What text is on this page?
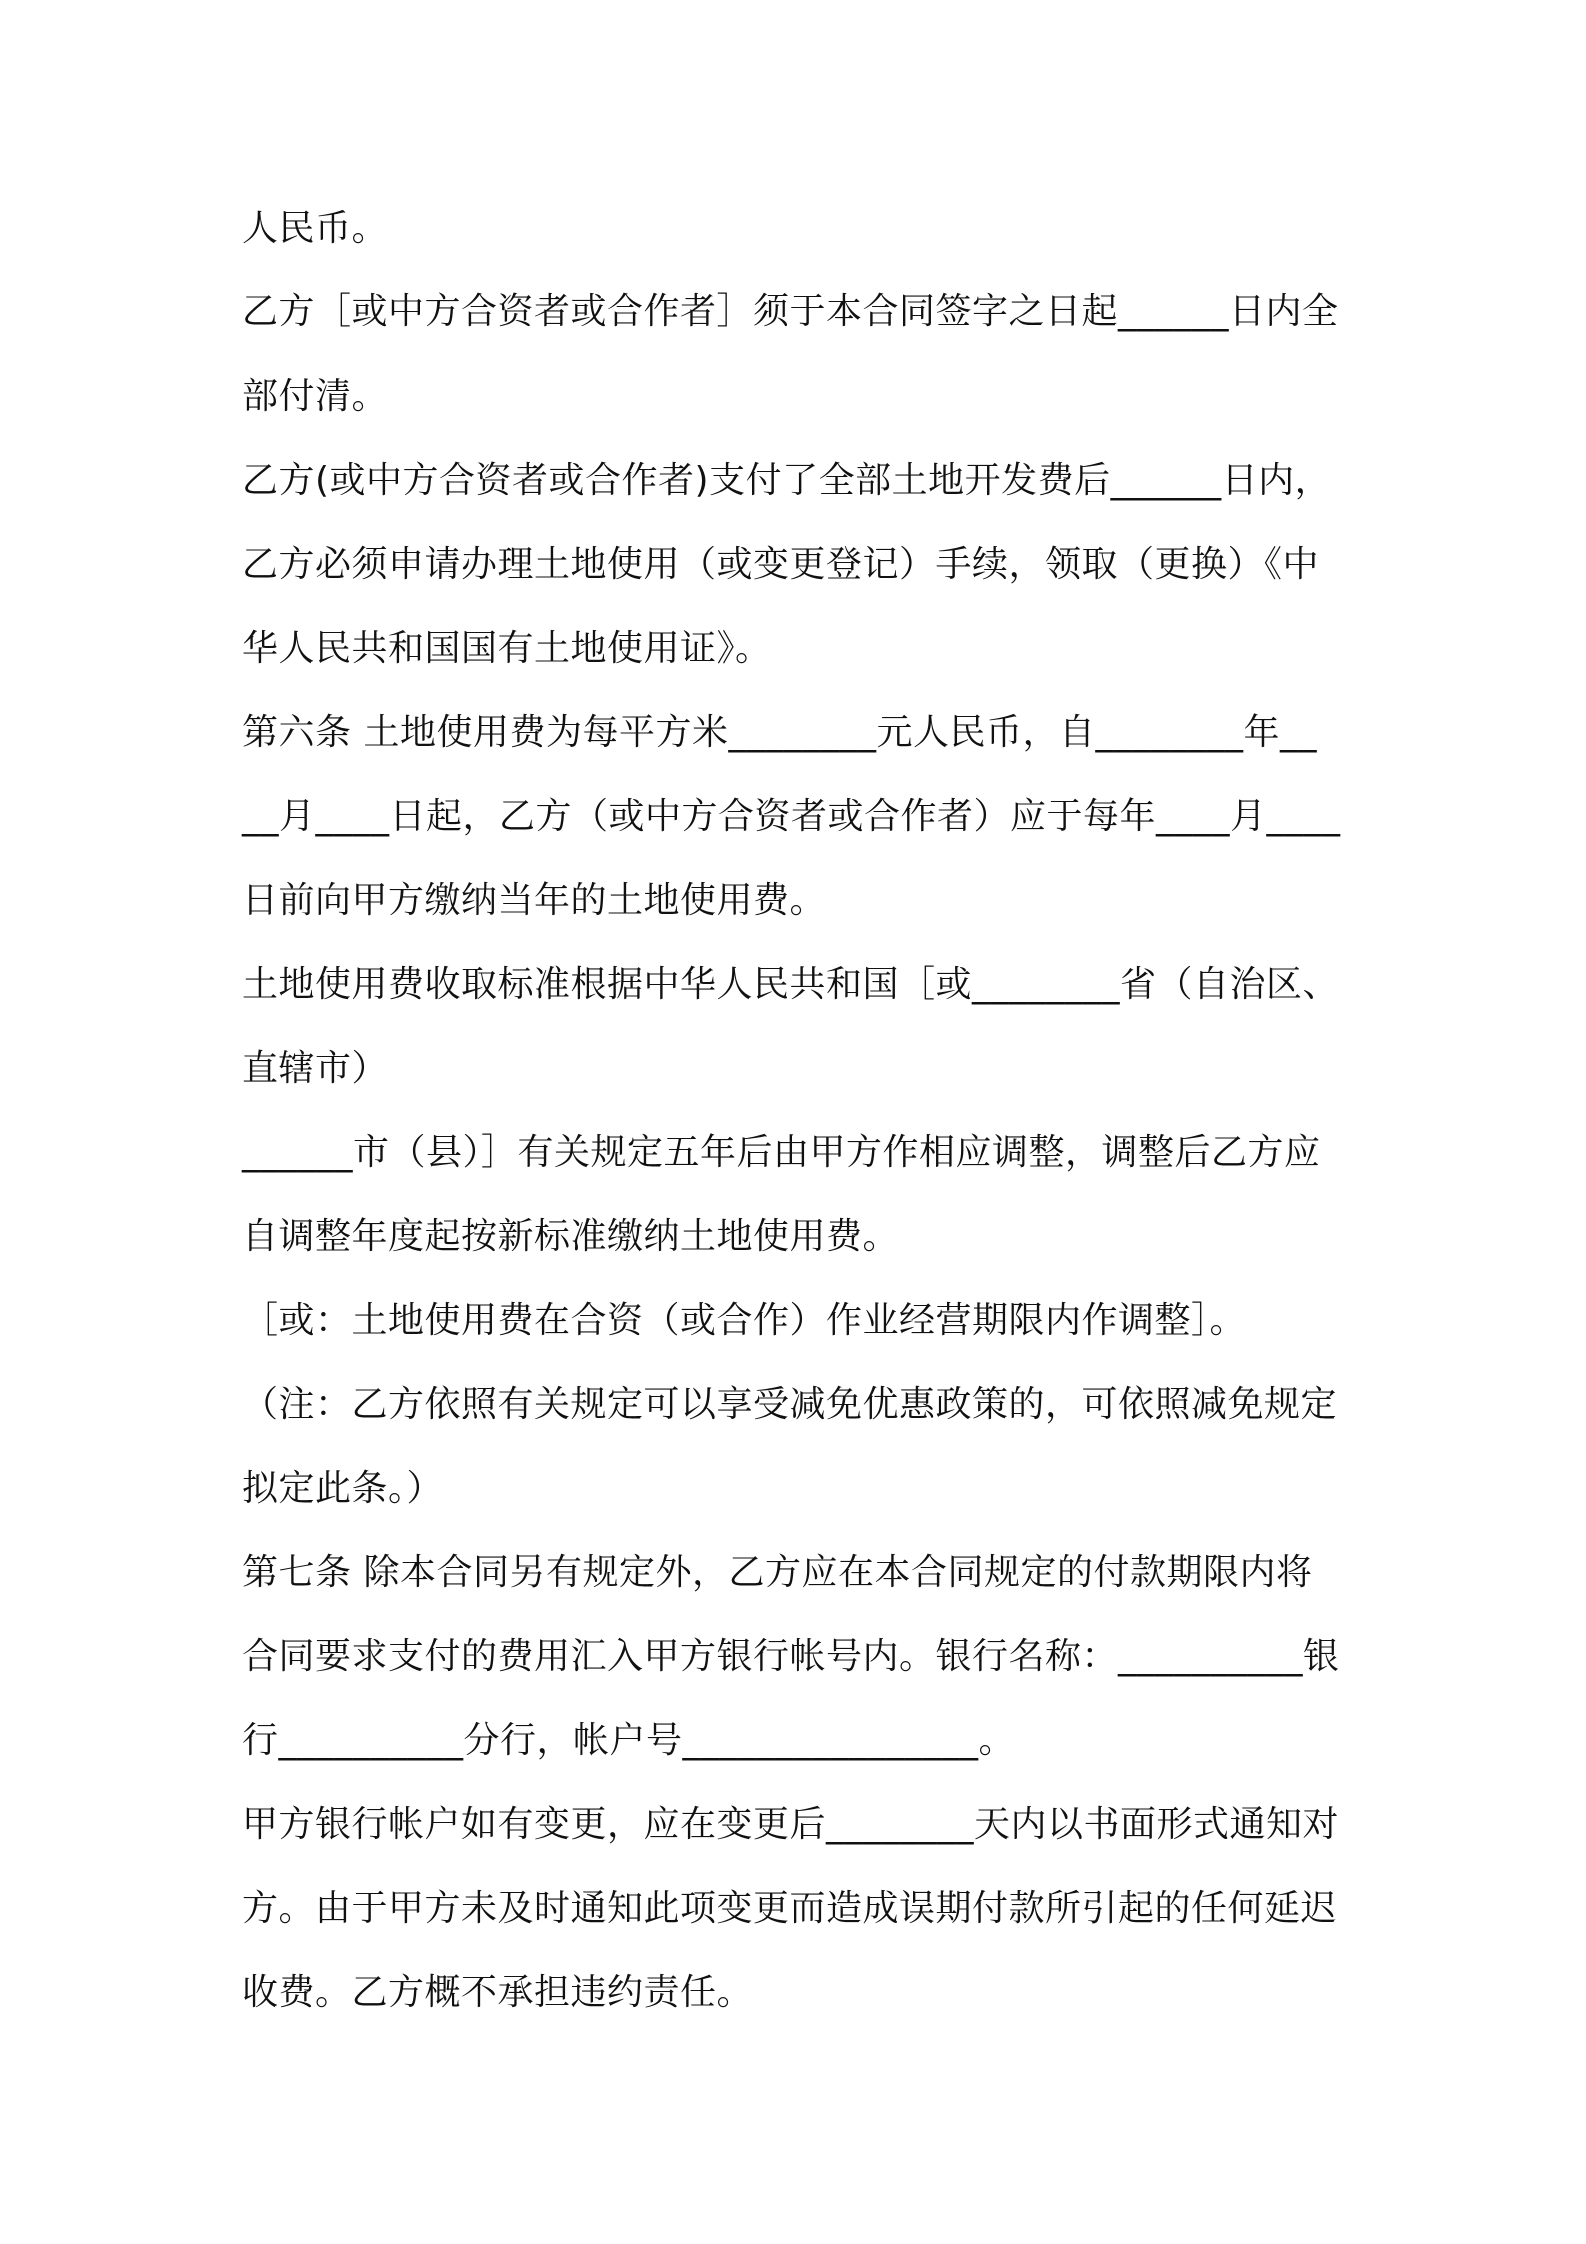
人民币。
乙方［或中方合资者或合作者］须于本合同签字之日起______日内全
部付清。
乙方(或中方合资者或合作者)支付了全部土地开发费后______日内，
乙方必须申请办理土地使用（或变更登记）手续，领取（更换）《中
华人民共和国国有土地使用证》。
第六条 土地使用费为每平方米________元人民币，自________年__
__月____日起，乙方（或中方合资者或合作者）应于每年____月____
日前向甲方缴纳当年的土地使用费。
土地使用费收取标准根据中华人民共和国［或________省（自治区、
直辖市）
______市（县）］有关规定五年后由甲方作相应调整，调整后乙方应
自调整年度起按新标准缴纳土地使用费。
［或：土地使用费在合资（或合作）作业经营期限内作调整］。
（注：乙方依照有关规定可以享受减免优惠政策的，可依照减免规定
拟定此条。）
第七条 除本合同另有规定外，乙方应在本合同规定的付款期限内将
合同要求支付的费用汇入甲方银行帐号内。银行名称：__________银
行__________分行，帐户号________________。
甲方银行帐户如有变更，应在变更后________天内以书面形式通知对
方。由于甲方未及时通知此项变更而造成误期付款所引起的任何延迟
收费。乙方概不承担违约责任。
